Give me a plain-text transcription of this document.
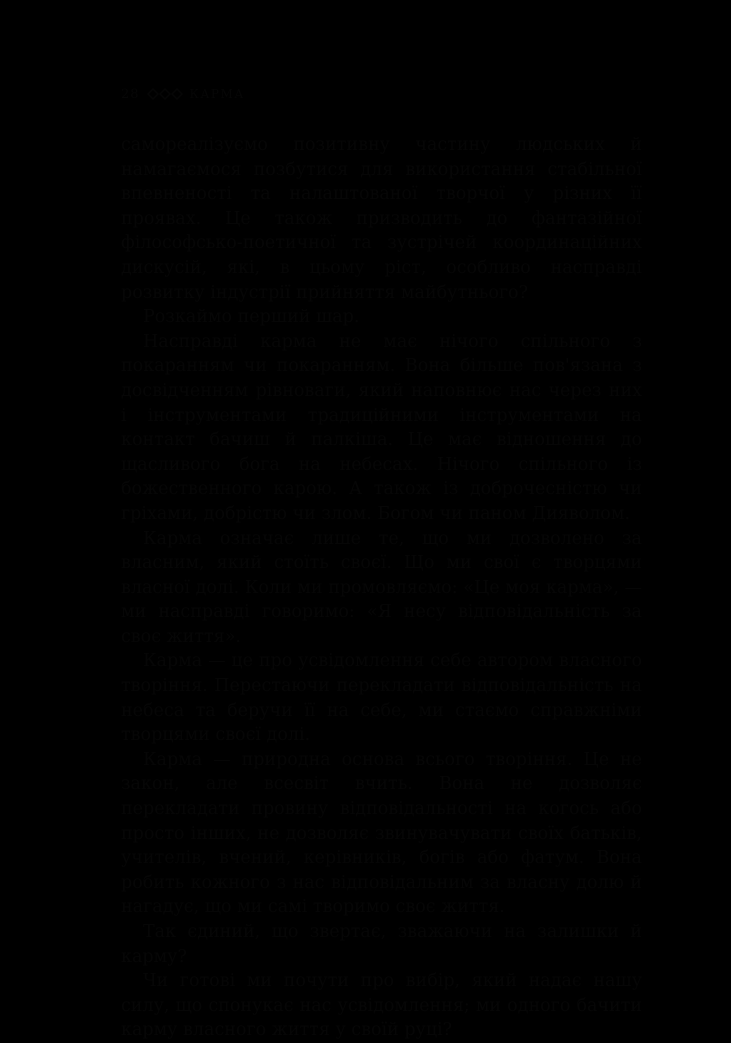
28	КАРМА

самореалізуємо позитивну частину людських й намагаємося позбутися для використання стабільної впевненості та налаштованої творчої у різних її проявах. Це також призводить до фантазійної філософсько-поетичної та зустрічей координаційних дискусій, які, в цьому ріст, особливо насправді розвитку індустрії прийняття майбутнього?

Розкаймо перший шар.

Насправді карма не має нічого спільного з покаранням чи покаранням. Вона більше пов'язана з досвідченням рівноваги, який наповнює нас через них і інструментами традиційними інструментами на контакт бачиш й палкіша. Це має відношення до щасливого бога на небесах. Нічого спільного із божественного карою. А також із доброчесністю чи гріхами, добрістю чи злом. Богом чи паном Дияволом.

Карма означає лише те, що ми дозволено за власним, який стоїть своєї. Що ми свої є творцями власної долі. Коли ми промовляємо: «Це моя карма», — ми насправді говоримо: «Я несу відповідальність за своє життя».

Карма — це про усвідомлення себе автором власного творіння. Перестаючи перекладати відповідальність на небеса та беручи її на себе, ми стаємо справжніми творцями своєї долі.

Карма — природна основа всього творіння. Це не закон, але всесвіт вчить. Вона не дозволяє перекладати провину відповідальності на когось або просто інших, не дозволяє звинувачувати своїх батьків, учителів, вчений, керівників, богів або фатум. Вона робить кожного з нас відповідальним за власну долю й нагадує, що ми самі творимо своє життя.

Так єдиний, що звертає, зважаючи на залишки й карму?

Чи готові ми почути про вибір, який надає нашу силу, що спонукає нас усвідомлення; ми одного бачити карму власного життя у своїй руці?
